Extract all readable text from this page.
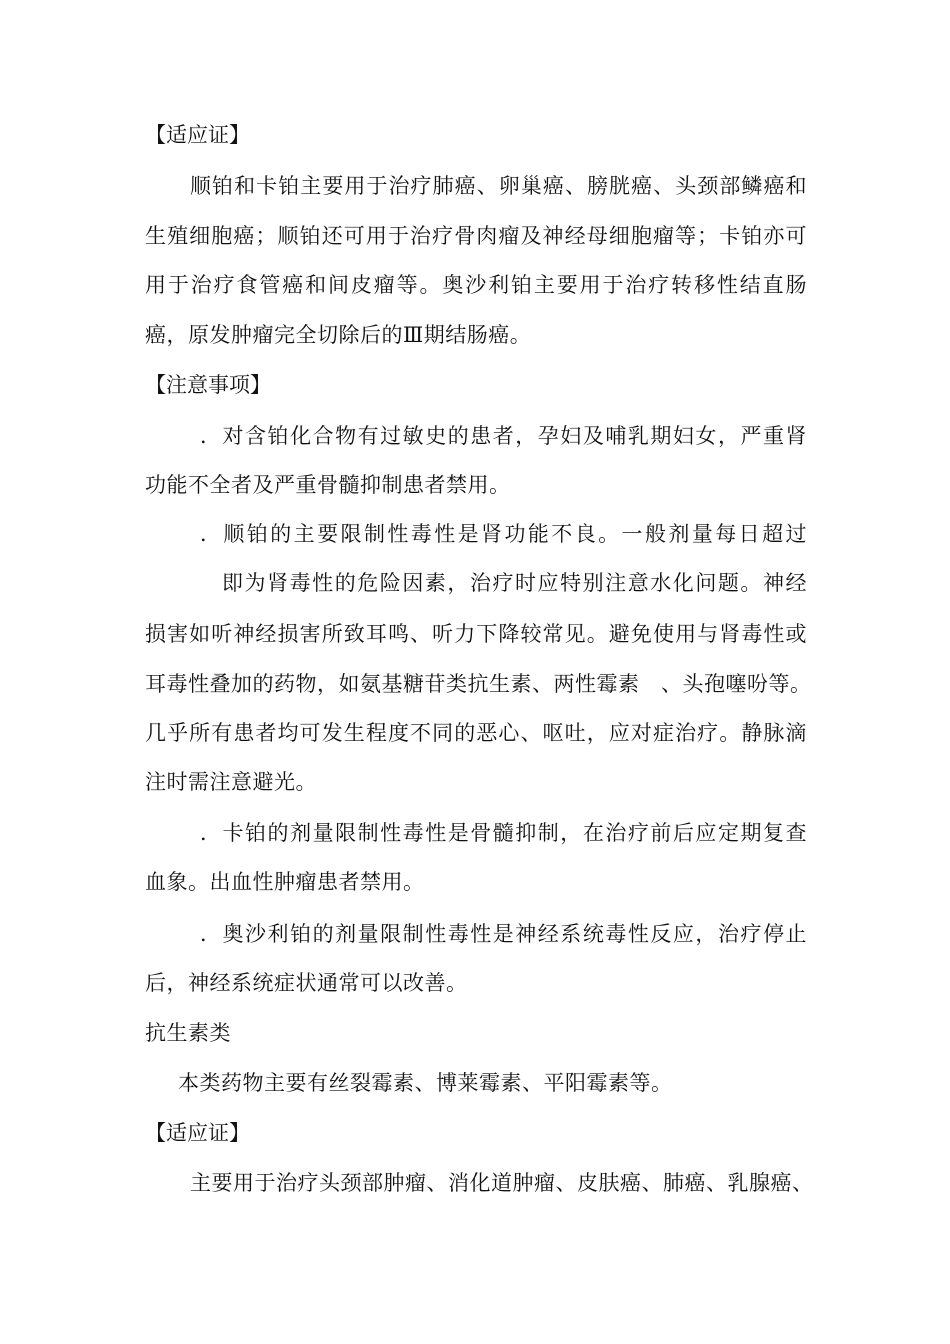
【适应证】
顺铂和卡铂主要用于治疗肺癌、卵巢癌、膀胱癌、头颈部鳞癌和
生殖细胞癌；顺铂还可用于治疗骨肉瘤及神经母细胞瘤等；卡铂亦可
用于治疗食管癌和间皮瘤等。奥沙利铂主要用于治疗转移性结直肠
癌，原发肿瘤完全切除后的Ⅲ期结肠癌。
【注意事项】
．对含铂化合物有过敏史的患者，孕妇及哺乳期妇女，严重肾
功能不全者及严重骨髓抑制患者禁用。
．顺铂的主要限制性毒性是肾功能不良。一般剂量每日超过
即为肾毒性的危险因素，治疗时应特别注意水化问题。神经
损害如听神经损害所致耳鸣、听力下降较常见。避免使用与肾毒性或
耳毒性叠加的药物，如氨基糖苷类抗生素、两性霉素　、头孢噻吩等。
几乎所有患者均可发生程度不同的恶心、呕吐，应对症治疗。静脉滴
注时需注意避光。
．卡铂的剂量限制性毒性是骨髓抑制，在治疗前后应定期复查
血象。出血性肿瘤患者禁用。
．奥沙利铂的剂量限制性毒性是神经系统毒性反应，治疗停止
后，神经系统症状通常可以改善。
抗生素类
本类药物主要有丝裂霉素、博莱霉素、平阳霉素等。
【适应证】
主要用于治疗头颈部肿瘤、消化道肿瘤、皮肤癌、肺癌、乳腺癌、
